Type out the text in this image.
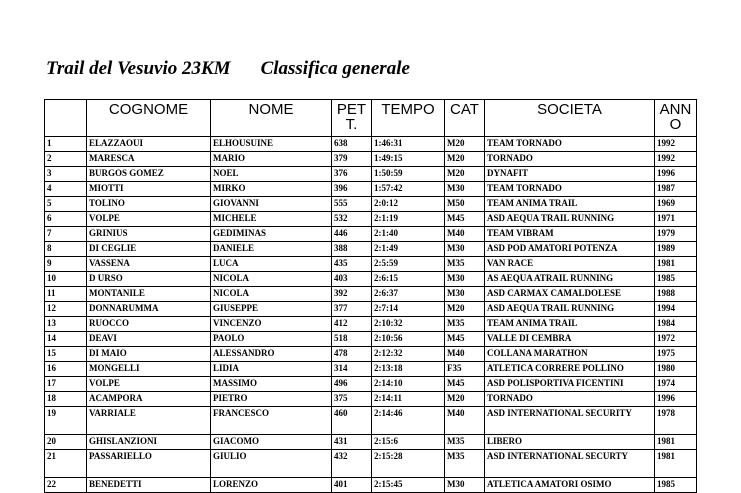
Trail del Vesuvio 23KM Classifica generale
	COGNOME	NOME	PET T.	TEMPO	CAT	SOCIETA	ANN O
1	ELAZZAOUI	ELHOUSUINE	638	1:46:31	M20	TEAM TORNADO	1992
2	MARESCA	MARIO	379	1:49:15	M20	TORNADO	1992
3	BURGOS GOMEZ	NOEL	376	1:50:59	M20	DYNAFIT	1996
4	MIOTTI	MIRKO	396	1:57:42	M30	TEAM TORNADO	1987
5	TOLINO	GIOVANNI	555	2:0:12	M50	TEAM ANIMA TRAIL	1969
6	VOLPE	MICHELE	532	2:1:19	M45	ASD AEQUA TRAIL RUNNING	1971
7	GRINIUS	GEDIMINAS	446	2:1:40	M40	TEAM VIBRAM	1979
8	DI CEGLIE	DANIELE	388	2:1:49	M30	ASD POD AMATORI POTENZA	1989
9	VASSENA	LUCA	435	2:5:59	M35	VAN RACE	1981
10	D URSO	NICOLA	403	2:6:15	M30	AS AEQUA ATRAIL RUNNING	1985
11	MONTANILE	NICOLA	392	2:6:37	M30	ASD CARMAX CAMALDOLESE	1988
12	DONNARUMMA	GIUSEPPE	377	2:7:14	M20	ASD AEQUA TRAIL RUNNING	1994
13	RUOCCO	VINCENZO	412	2:10:32	M35	TEAM ANIMA TRAIL	1984
14	DEAVI	PAOLO	518	2:10:56	M45	VALLE DI CEMBRA	1972
15	DI MAIO	ALESSANDRO	478	2:12:32	M40	COLLANA MARATHON	1975
16	MONGELLI	LIDIA	314	2:13:18	F35	ATLETICA CORRERE POLLINO	1980
17	VOLPE	MASSIMO	496	2:14:10	M45	ASD POLISPORTIVA FICENTINI	1974
18	ACAMPORA	PIETRO	375	2:14:11	M20	TORNADO	1996
19	VARRIALE	FRANCESCO	460	2:14:46	M40	ASD INTERNATIONAL SECURITY	1978
20	GHISLANZIONI	GIACOMO	431	2:15:6	M35	LIBERO	1981
21	PASSARIELLO	GIULIO	432	2:15:28	M35	ASD INTERNATIONAL SECURTY	1981
22	BENEDETTI	LORENZO	401	2:15:45	M30	ATLETICA AMATORI OSIMO	1985
